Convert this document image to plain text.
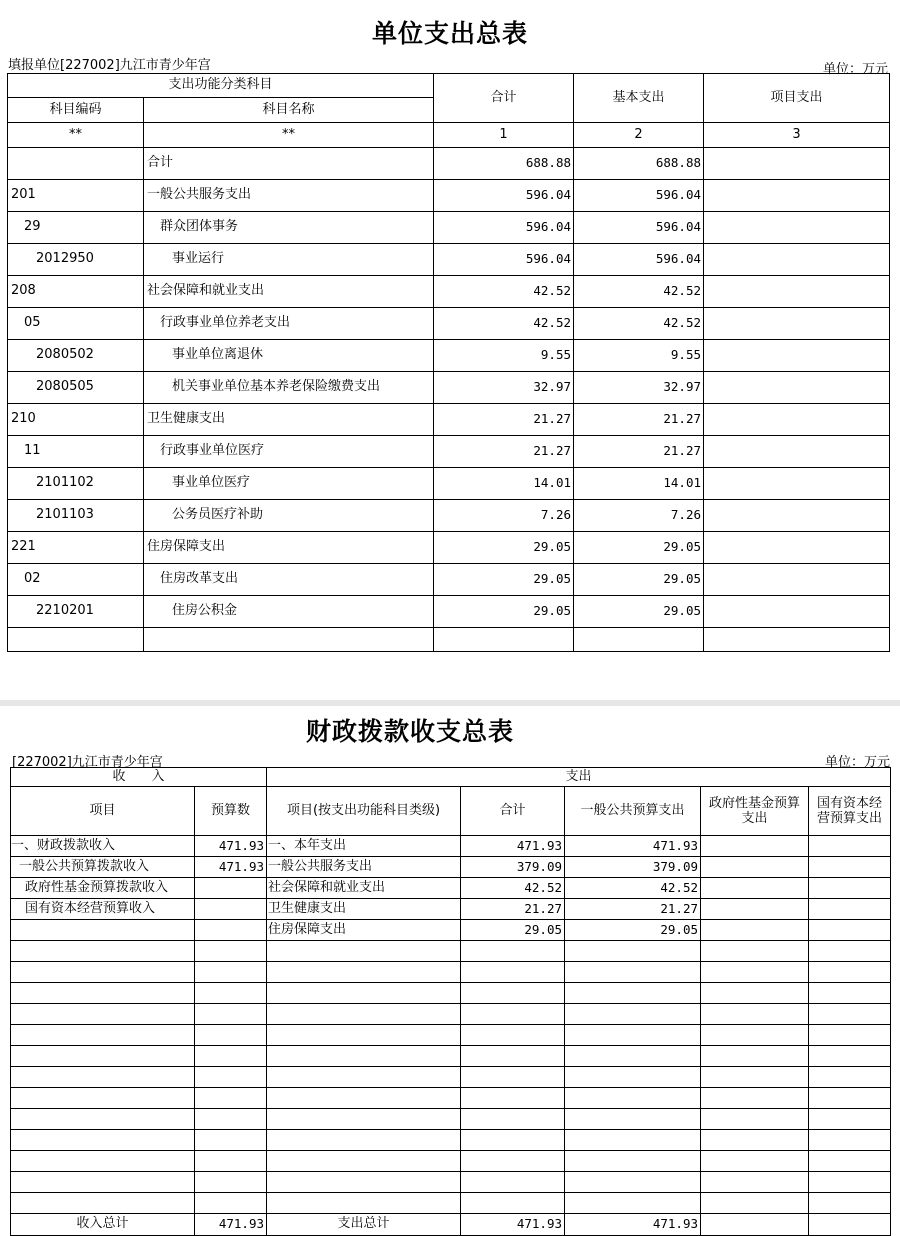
单位支出总表
填报单位[227002]九江市青少年宫	单位：万元
支出功能分类科目		合计	基本支出	项目支出
科目编码	科目名称			
**	**	1	2	3
	合计	688.88	688.88	
201	一般公共服务支出	596.04	596.04	
29	群众团体事务	596.04	596.04	
2012950	事业运行	596.04	596.04	
208	社会保障和就业支出	42.52	42.52	
05	行政事业单位养老支出	42.52	42.52	
2080502	事业单位离退休	9.55	9.55	
2080505	机关事业单位基本养老保险缴费支出	32.97	32.97	
210	卫生健康支出	21.27	21.27	
11	行政事业单位医疗	21.27	21.27	
2101102	事业单位医疗	14.01	14.01	
2101103	公务员医疗补助	7.26	7.26	
221	住房保障支出	29.05	29.05	
02	住房改革支出	29.05	29.05	
2210201	住房公积金	29.05	29.05	

财政拨款收支总表
[227002]九江市青少年宫	单位：万元
收　　入		支出				
项目	预算数	项目(按支出功能科目类级)	合计	一般公共预算支出	政府性基金预算支出	国有资本经营预算支出
一、财政拨款收入	471.93	一、本年支出	471.93	471.93		
一般公共预算拨款收入	471.93	一般公共服务支出	379.09	379.09		
政府性基金预算拨款收入		社会保障和就业支出	42.52	42.52		
国有资本经营预算收入		卫生健康支出	21.27	21.27		
		住房保障支出	29.05	29.05		

收入总计	471.93	支出总计	471.93	471.93		
